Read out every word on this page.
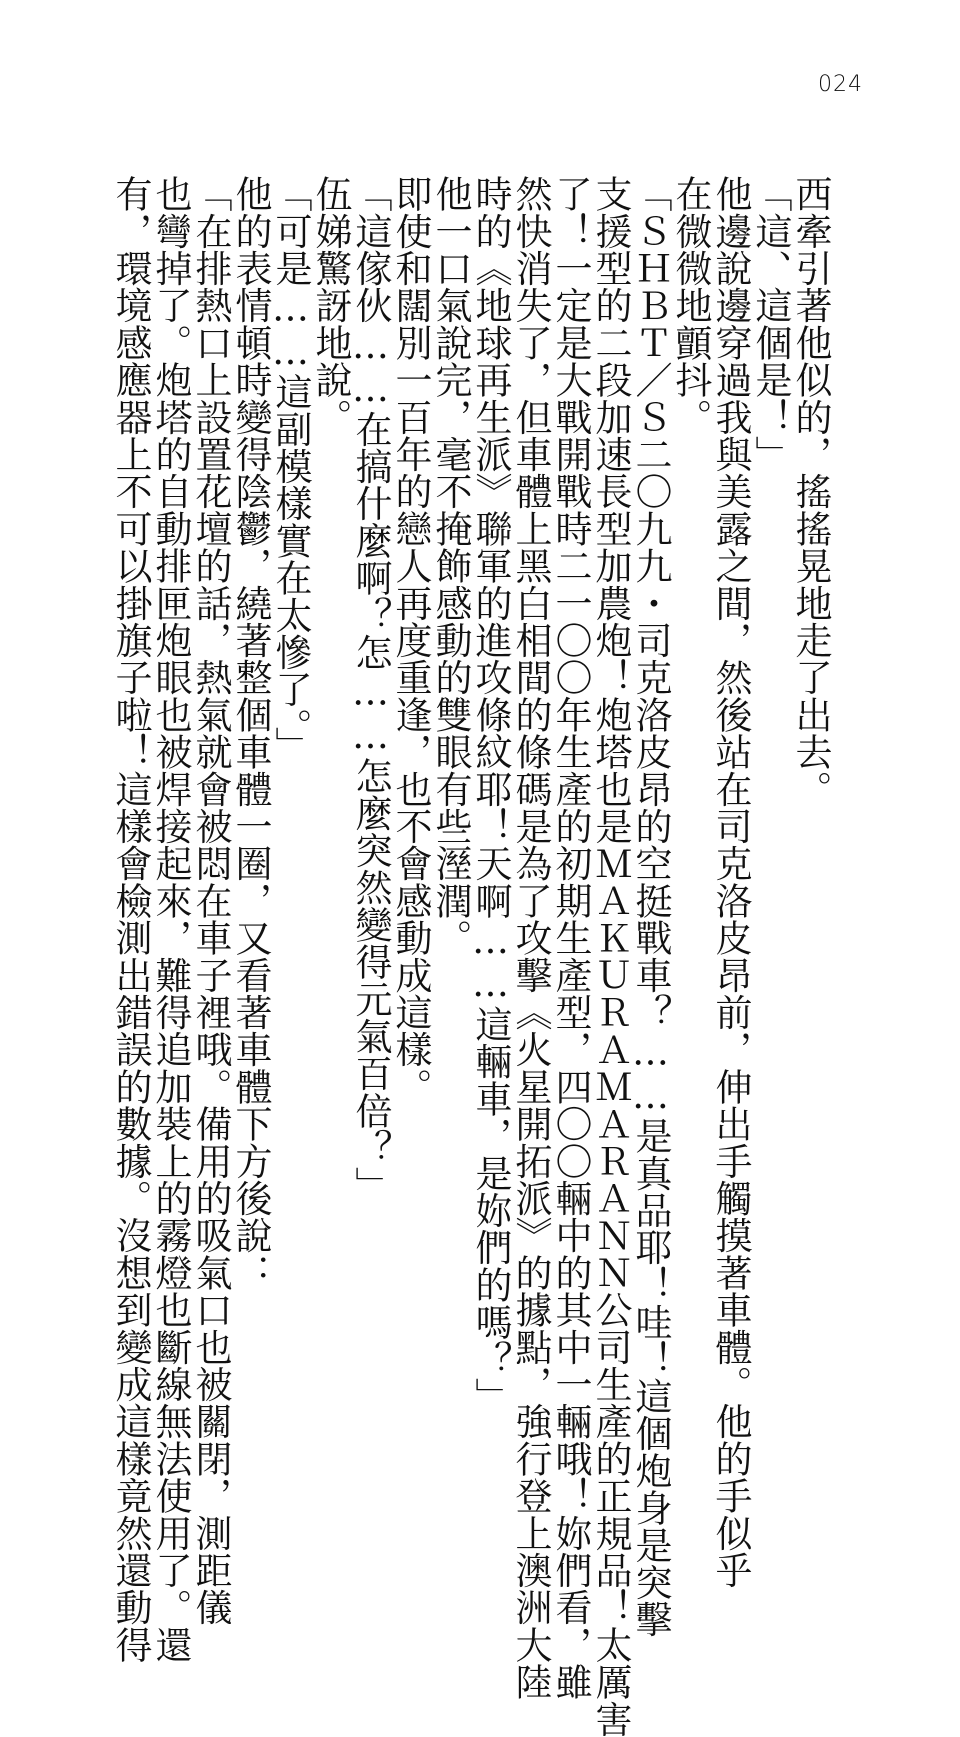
024
西牽引著他似的，搖搖晃地走了出去。
「這、這個是！」
他邊說邊穿過我與美露之間，然後站在司克洛皮昂前，伸出手觸摸著車體。他的手似乎
在微微地顫抖。
「ＳＨＢＴ／Ｓ二〇九九・司克洛皮昂的空挺戰車？……是真品耶！哇！這個炮身是突擊
支援型的二段加速長型加農炮！炮塔也是ＭＡＫＵＲＡＭＡＲＡＮＮ公司生產的正規品！太厲害
了！一定是大戰開戰時二一〇〇年生產的初期生產型，四〇〇輛中的其中一輛哦！妳們看，雖
然快消失了，但車體上黑白相間的條碼是為了攻擊《火星開拓派》的據點，強行登上澳洲大陸
時的《地球再生派》聯軍的進攻條紋耶！天啊……這輛車，是妳們的嗎？」
他一口氣說完，毫不掩飾感動的雙眼有些溼潤。
即使和闊別一百年的戀人再度重逢，也不會感動成這樣。
「這傢伙……在搞什麼啊？怎……怎麼突然變得元氣百倍？」
伍娣驚訝地說。
「可是……這副模樣實在太慘了。」
他的表情頓時變得陰鬱，繞著整個車體一圈，又看著車體下方後說：
「在排熱口上設置花壇的話，熱氣就會被悶在車子裡哦。備用的吸氣口也被關閉，測距儀
也彎掉了。炮塔的自動排匣炮眼也被焊接起來，難得追加裝上的霧燈也斷線無法使用了。還
有，環境感應器上不可以掛旗子啦！這樣會檢測出錯誤的數據。沒想到變成這樣竟然還動得
